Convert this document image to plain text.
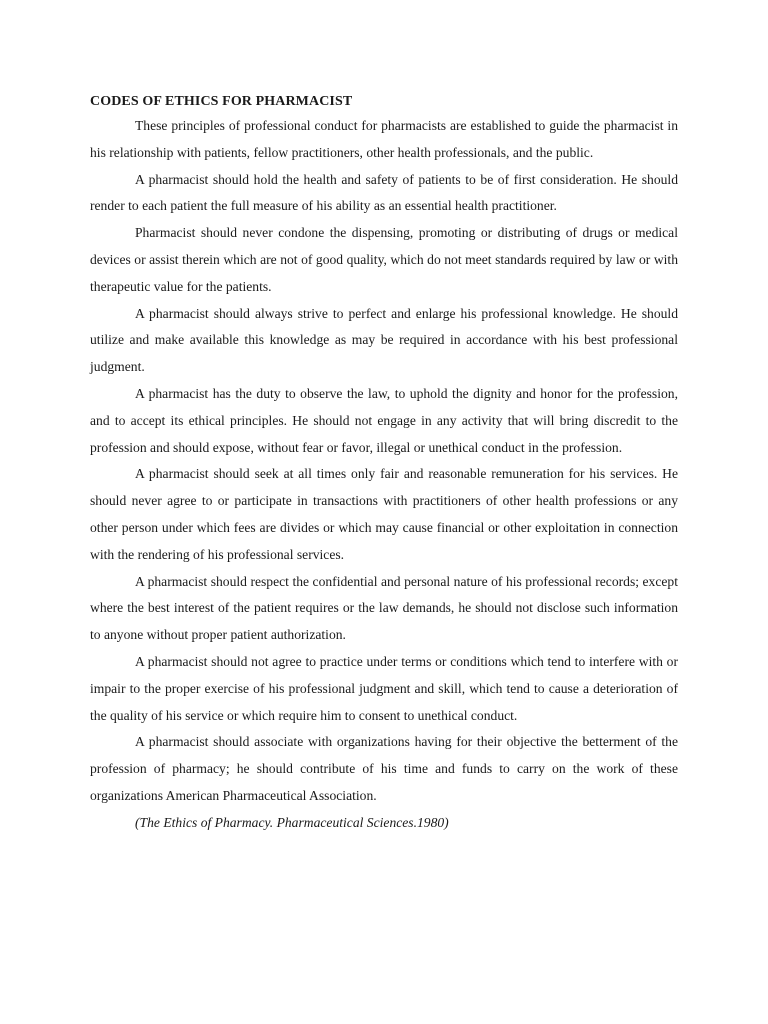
CODES OF ETHICS FOR PHARMACIST

These principles of professional conduct for pharmacists are established to guide the pharmacist in his relationship with patients, fellow practitioners, other health professionals, and the public.

A pharmacist should hold the health and safety of patients to be of first consideration. He should render to each patient the full measure of his ability as an essential health practitioner.

Pharmacist should never condone the dispensing, promoting or distributing of drugs or medical devices or assist therein which are not of good quality, which do not meet standards required by law or with therapeutic value for the patients.

A pharmacist should always strive to perfect and enlarge his professional knowledge. He should utilize and make available this knowledge as may be required in accordance with his best professional judgment.

A pharmacist has the duty to observe the law, to uphold the dignity and honor for the profession, and to accept its ethical principles. He should not engage in any activity that will bring discredit to the profession and should expose, without fear or favor, illegal or unethical conduct in the profession.

A pharmacist should seek at all times only fair and reasonable remuneration for his services. He should never agree to or participate in transactions with practitioners of other health professions or any other person under which fees are divides or which may cause financial or other exploitation in connection with the rendering of his professional services.

A pharmacist should respect the confidential and personal nature of his professional records; except where the best interest of the patient requires or the law demands, he should not disclose such information to anyone without proper patient authorization.

A pharmacist should not agree to practice under terms or conditions which tend to interfere with or impair to the proper exercise of his professional judgment and skill, which tend to cause a deterioration of the quality of his service or which require him to consent to unethical conduct.

A pharmacist should associate with organizations having for their objective the betterment of the profession of pharmacy; he should contribute of his time and funds to carry on the work of these organizations American Pharmaceutical Association.

(The Ethics of Pharmacy. Pharmaceutical Sciences.1980)
